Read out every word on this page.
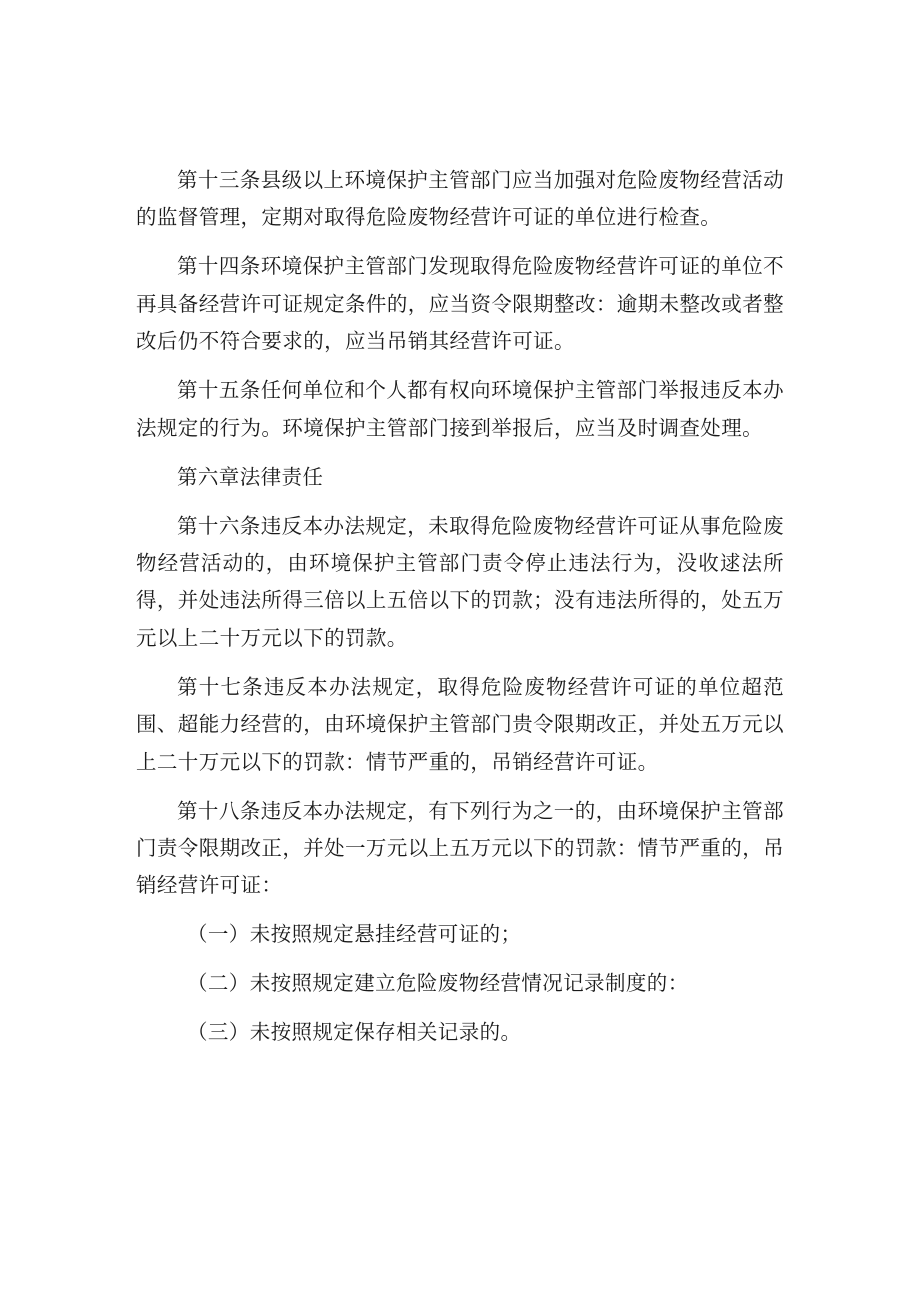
第十三条县级以上环境保护主管部门应当加强对危险废物经营活动的监督管理，定期对取得危险废物经营许可证的单位进行检查。

第十四条环境保护主管部门发现取得危险废物经营许可证的单位不再具备经营许可证规定条件的，应当资令限期整改：逾期未整改或者整改后仍不符合要求的，应当吊销其经营许可证。

第十五条任何单位和个人都有权向环境保护主管部门举报违反本办法规定的行为。环境保护主管部门接到举报后，应当及时调查处理。

第六章法律责任

第十六条违反本办法规定，未取得危险废物经营许可证从事危险废物经营活动的，由环境保护主管部门责令停止违法行为，没收逑法所得，并处违法所得三倍以上五倍以下的罚款；没有违法所得的，处五万元以上二十万元以下的罚款。

第十七条违反本办法规定，取得危险废物经营许可证的单位超范围、超能力经营的，由环境保护主管部门贵令限期改正，并处五万元以上二十万元以下的罚款：情节严重的，吊销经营许可证。

第十八条违反本办法规定，有下列行为之一的，由环境保护主管部门责令限期改正，并处一万元以上五万元以下的罚款：情节严重的，吊销经营许可证：

（一）未按照规定悬挂经营可证的；

（二）未按照规定建立危险废物经营情况记录制度的：

（三）未按照规定保存相关记录的。
